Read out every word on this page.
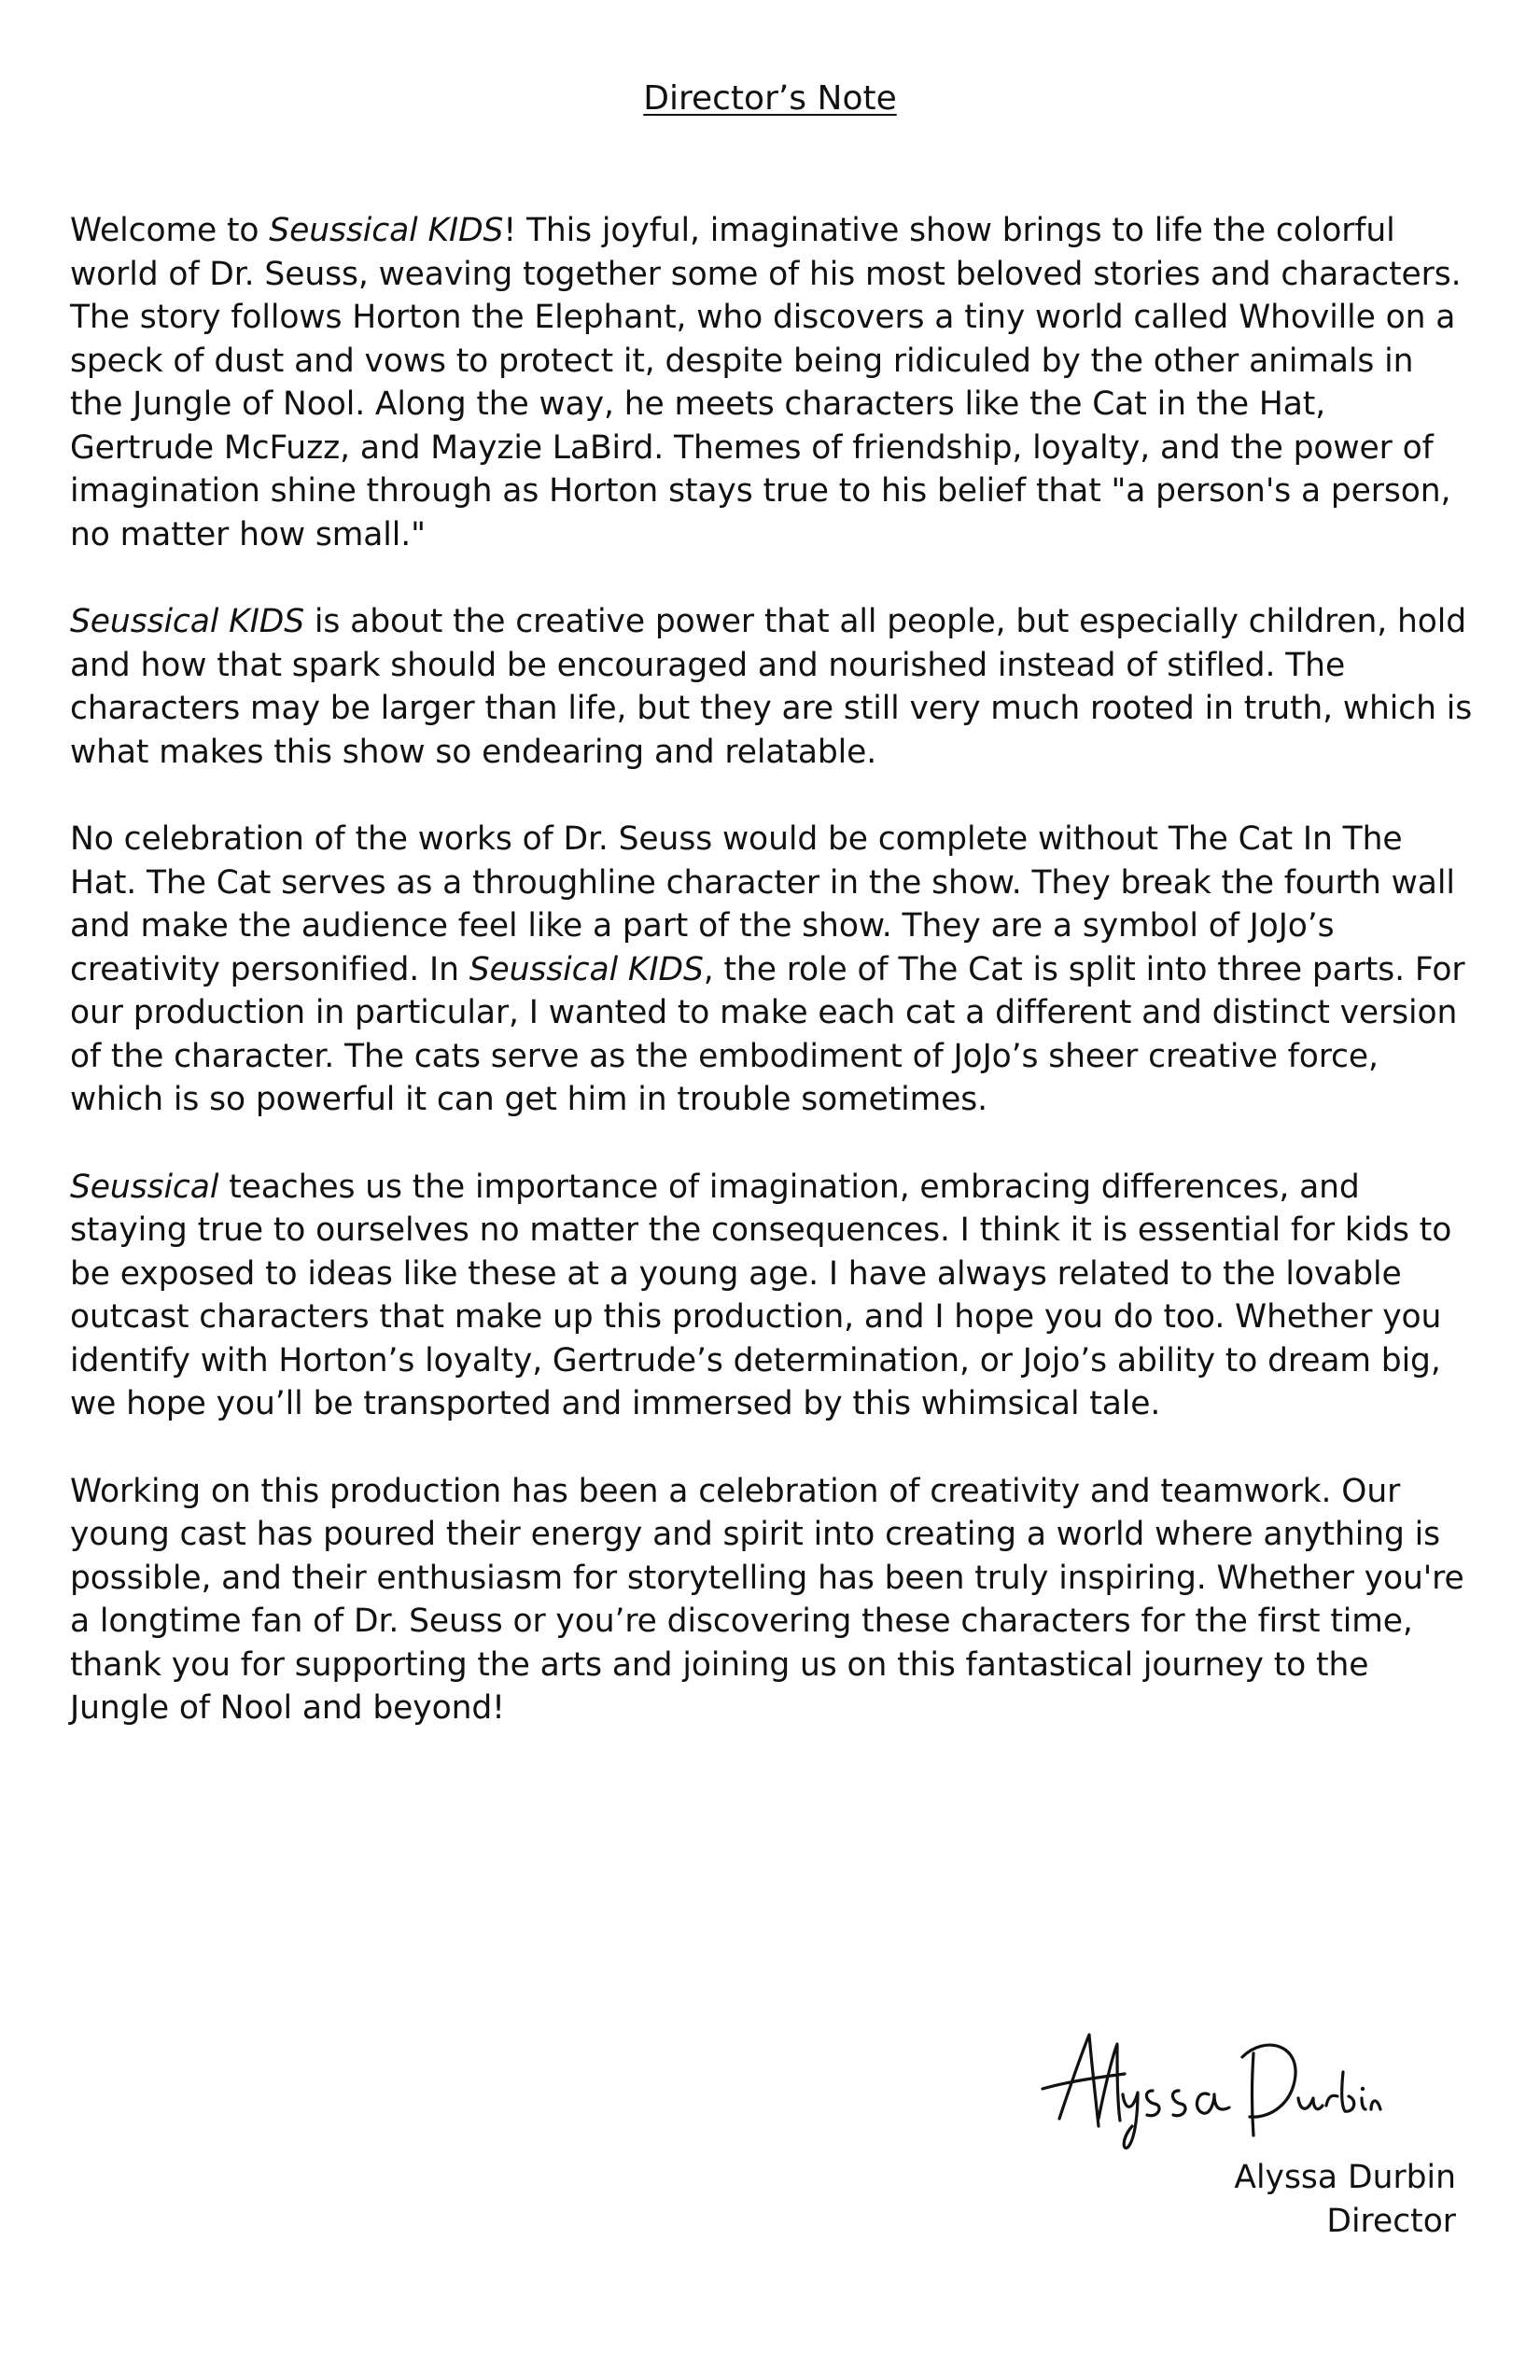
Director’s Note

Welcome to Seussical KIDS! This joyful, imaginative show brings to life the colorful world of Dr. Seuss, weaving together some of his most beloved stories and characters. The story follows Horton the Elephant, who discovers a tiny world called Whoville on a speck of dust and vows to protect it, despite being ridiculed by the other animals in the Jungle of Nool. Along the way, he meets characters like the Cat in the Hat, Gertrude McFuzz, and Mayzie LaBird. Themes of friendship, loyalty, and the power of imagination shine through as Horton stays true to his belief that "a person's a person, no matter how small."

Seussical KIDS is about the creative power that all people, but especially children, hold and how that spark should be encouraged and nourished instead of stifled. The characters may be larger than life, but they are still very much rooted in truth, which is what makes this show so endearing and relatable.

No celebration of the works of Dr. Seuss would be complete without The Cat In The Hat. The Cat serves as a throughline character in the show. They break the fourth wall and make the audience feel like a part of the show. They are a symbol of JoJo’s creativity personified. In Seussical KIDS, the role of The Cat is split into three parts. For our production in particular, I wanted to make each cat a different and distinct version of the character. The cats serve as the embodiment of JoJo’s sheer creative force, which is so powerful it can get him in trouble sometimes.

Seussical teaches us the importance of imagination, embracing differences, and staying true to ourselves no matter the consequences. I think it is essential for kids to be exposed to ideas like these at a young age. I have always related to the lovable outcast characters that make up this production, and I hope you do too. Whether you identify with Horton’s loyalty, Gertrude’s determination, or Jojo’s ability to dream big, we hope you’ll be transported and immersed by this whimsical tale.

Working on this production has been a celebration of creativity and teamwork. Our young cast has poured their energy and spirit into creating a world where anything is possible, and their enthusiasm for storytelling has been truly inspiring. Whether you're a longtime fan of Dr. Seuss or you’re discovering these characters for the first time, thank you for supporting the arts and joining us on this fantastical journey to the Jungle of Nool and beyond!

Alyssa Durbin
Director
